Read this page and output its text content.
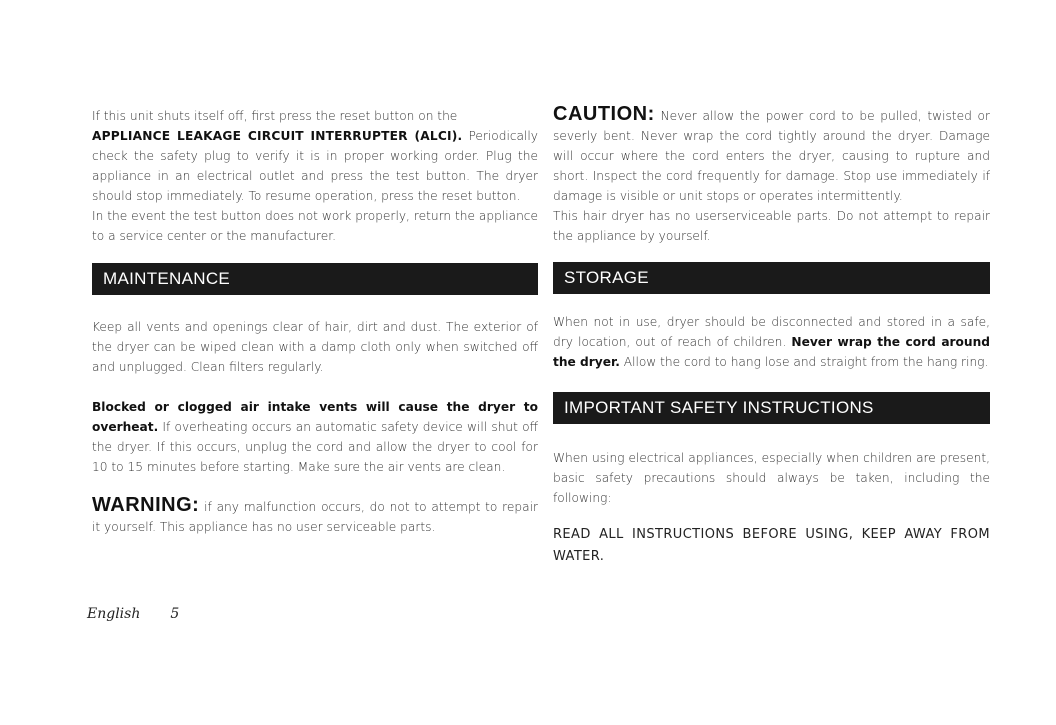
If this unit shuts itself off, first press the reset button on the
APPLIANCE LEAKAGE CIRCUIT INTERRUPTER (ALCI). Periodically check the safety plug to verify it is in proper working order. Plug the appliance in an electrical outlet and press the test button. The dryer should stop immediately. To resume operation, press the reset button.

In the event the test button does not work properly, return the appliance to a service center or the manufacturer.

MAINTENANCE

Keep all vents and openings clear of hair, dirt and dust. The exterior of the dryer can be wiped clean with a damp cloth only when switched off and unplugged. Clean filters regularly.

Blocked or clogged air intake vents will cause the dryer to overheat. If overheating occurs an automatic safety device will shut off the dryer. If this occurs, unplug the cord and allow the dryer to cool for 10 to 15 minutes before starting. Make sure the air vents are clean.

WARNING: if any malfunction occurs, do not to attempt to repair it yourself. This appliance has no user serviceable parts.

CAUTION: Never allow the power cord to be pulled, twisted or severly bent. Never wrap the cord tightly around the dryer. Damage will occur where the cord enters the dryer, causing to rupture and short. Inspect the cord frequently for damage. Stop use immediately if damage is visible or unit stops or operates intermittently.

This hair dryer has no userserviceable parts. Do not attempt to repair the appliance by yourself.

STORAGE

When not in use, dryer should be disconnected and stored in a safe, dry location, out of reach of children. Never wrap the cord around the dryer. Allow the cord to hang lose and straight from the hang ring.

IMPORTANT SAFETY INSTRUCTIONS

When using electrical appliances, especially when children are present, basic safety precautions should always be taken, including the following:

READ ALL INSTRUCTIONS BEFORE USING, KEEP AWAY FROM WATER.

English 5
